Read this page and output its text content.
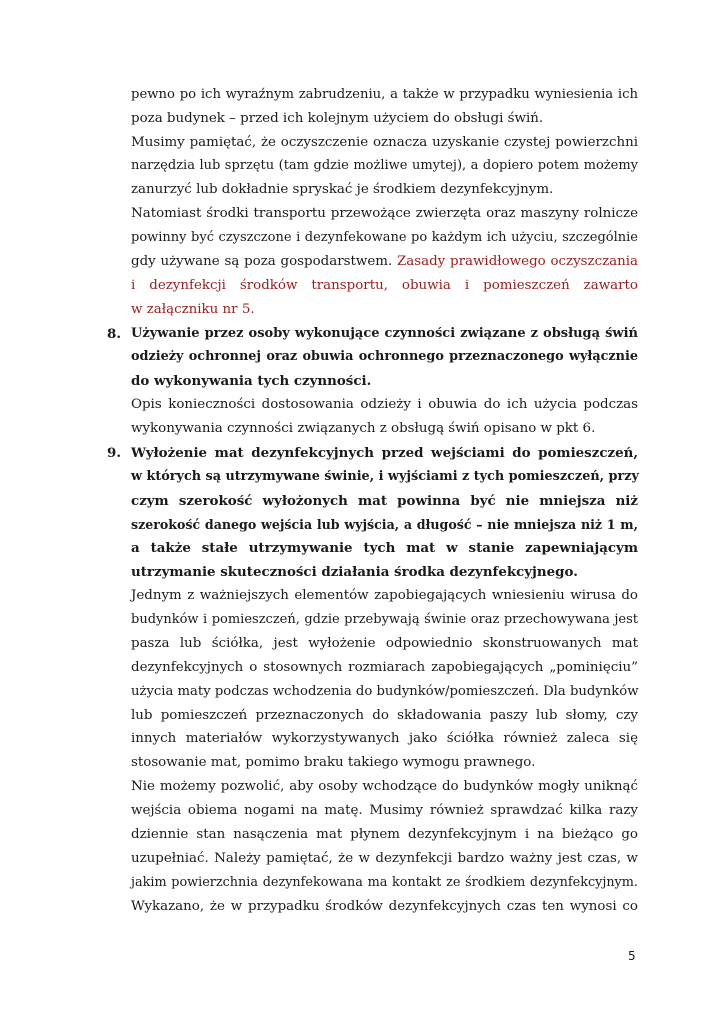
pewno po ich wyraźnym zabrudzeniu, a także w przypadku wyniesienia ich
poza budynek – przed ich kolejnym użyciem do obsługi świń.
Musimy pamiętać, że oczyszczenie oznacza uzyskanie czystej powierzchni
narzędzia lub sprzętu (tam gdzie możliwe umytej), a dopiero potem możemy
zanurzyć lub dokładnie spryskać je środkiem dezynfekcyjnym.
Natomiast środki transportu przewożące zwierzęta oraz maszyny rolnicze
powinny być czyszczone i dezynfekowane po każdym ich użyciu, szczególnie
gdy używane są poza gospodarstwem. Zasady prawidłowego oczyszczania
i dezynfekcji środków transportu, obuwia i pomieszczeń zawarto
w załączniku nr 5.
8. Używanie przez osoby wykonujące czynności związane z obsługą świń
odzieży ochronnej oraz obuwia ochronnego przeznaczonego wyłącznie
do wykonywania tych czynności.
Opis konieczności dostosowania odzieży i obuwia do ich użycia podczas
wykonywania czynności związanych z obsługą świń opisano w pkt 6.
9. Wyłożenie mat dezynfekcyjnych przed wejściami do pomieszczeń,
w których są utrzymywane świnie, i wyjściami z tych pomieszczeń, przy
czym szerokość wyłożonych mat powinna być nie mniejsza niż
szerokość danego wejścia lub wyjścia, a długość – nie mniejsza niż 1 m,
a także stałe utrzymywanie tych mat w stanie zapewniającym
utrzymanie skuteczności działania środka dezynfekcyjnego.
Jednym z ważniejszych elementów zapobiegających wniesieniu wirusa do
budynków i pomieszczeń, gdzie przebywają świnie oraz przechowywana jest
pasza lub ściółka, jest wyłożenie odpowiednio skonstruowanych mat
dezynfekcyjnych o stosownych rozmiarach zapobiegających „pominięciu”
użycia maty podczas wchodzenia do budynków/pomieszczeń. Dla budynków
lub pomieszczeń przeznaczonych do składowania paszy lub słomy, czy
innych materiałów wykorzystywanych jako ściółka również zaleca się
stosowanie mat, pomimo braku takiego wymogu prawnego.
Nie możemy pozwolić, aby osoby wchodzące do budynków mogły uniknąć
wejścia obiema nogami na matę. Musimy również sprawdzać kilka razy
dziennie stan nasączenia mat płynem dezynfekcyjnym i na bieżąco go
uzupełniać. Należy pamiętać, że w dezynfekcji bardzo ważny jest czas, w
jakim powierzchnia dezynfekowana ma kontakt ze środkiem dezynfekcyjnym.
Wykazano, że w przypadku środków dezynfekcyjnych czas ten wynosi co
5
